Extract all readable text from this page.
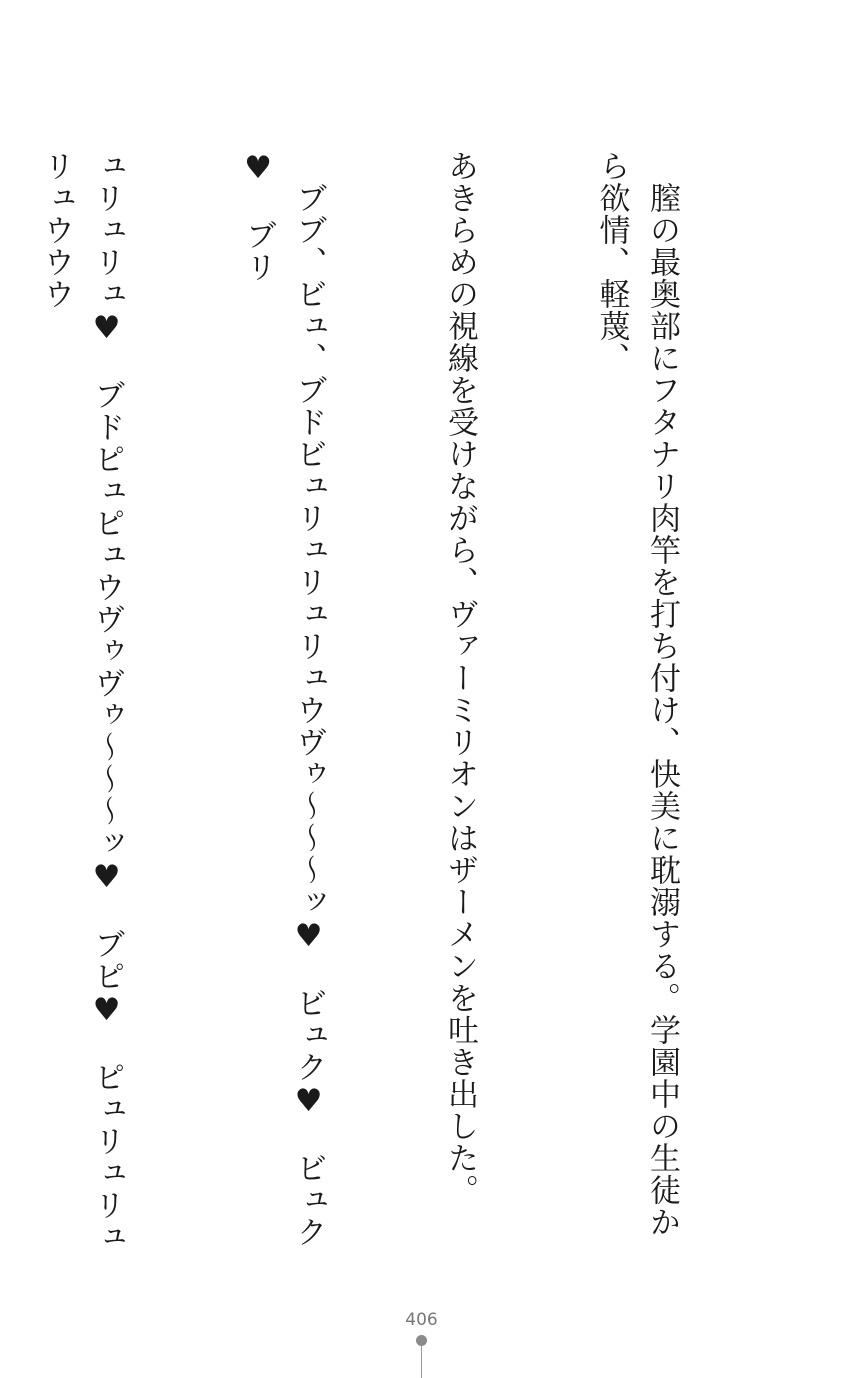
　膣の最奥部にフタナリ肉竿を打ち付け、快美に耽溺する。学園中の生徒から欲情、軽蔑、

あきらめの視線を受けながら、ヴァーミリオンはザーメンを吐き出した。

　ブブ、ビュ、ブドビュリュリュリュウヴゥ〜〜〜ッ♥　ビュク♥　ビュク♥　ブリ

ュリュリュ♥　ブドピュピュウヴゥヴゥ〜〜〜ッ♥　ブピ♥　ピュリュリュリュウウウ

406
